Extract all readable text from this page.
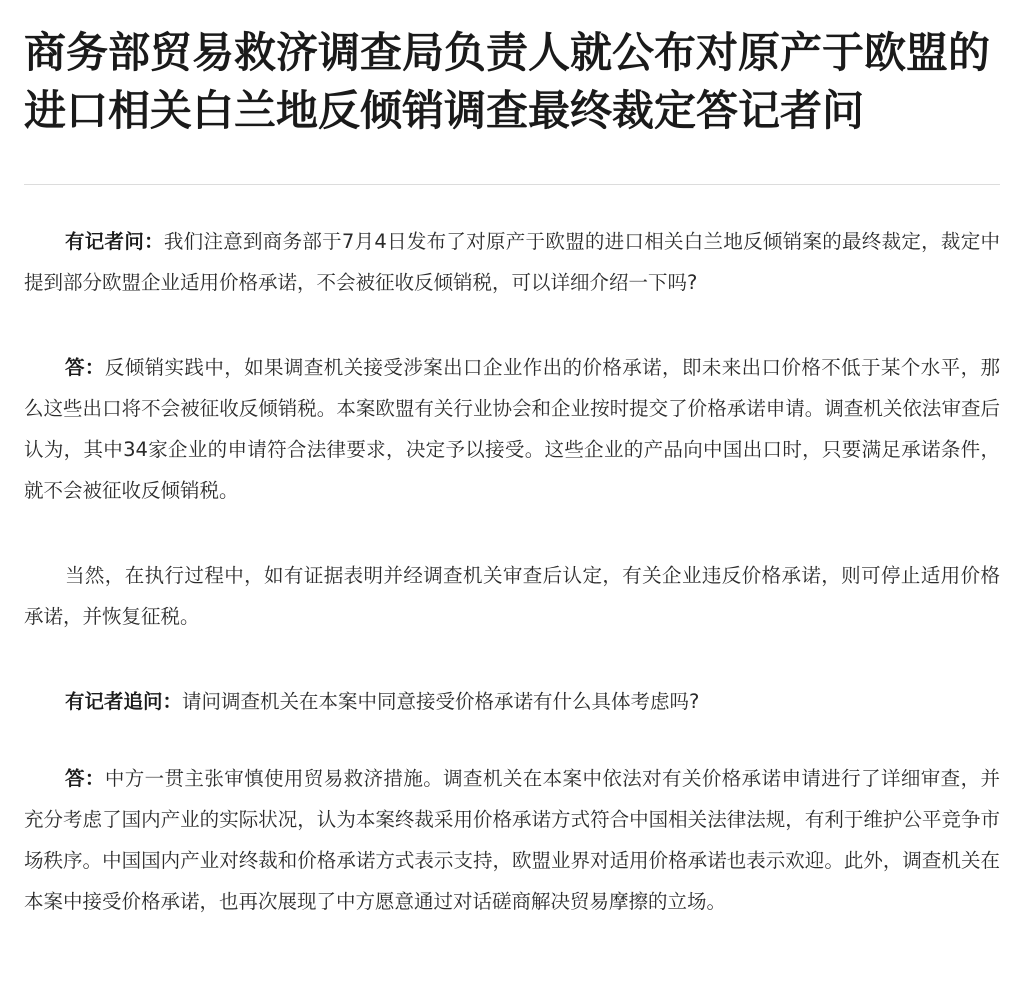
商务部贸易救济调查局负责人就公布对原产于欧盟的进口相关白兰地反倾销调查最终裁定答记者问

有记者问：我们注意到商务部于7月4日发布了对原产于欧盟的进口相关白兰地反倾销案的最终裁定，裁定中提到部分欧盟企业适用价格承诺，不会被征收反倾销税，可以详细介绍一下吗?

答：反倾销实践中，如果调查机关接受涉案出口企业作出的价格承诺，即未来出口价格不低于某个水平，那么这些出口将不会被征收反倾销税。本案欧盟有关行业协会和企业按时提交了价格承诺申请。调查机关依法审查后认为，其中34家企业的申请符合法律要求，决定予以接受。这些企业的产品向中国出口时，只要满足承诺条件，就不会被征收反倾销税。

当然，在执行过程中，如有证据表明并经调查机关审查后认定，有关企业违反价格承诺，则可停止适用价格承诺，并恢复征税。

有记者追问：请问调查机关在本案中同意接受价格承诺有什么具体考虑吗?

答：中方一贯主张审慎使用贸易救济措施。调查机关在本案中依法对有关价格承诺申请进行了详细审查，并充分考虑了国内产业的实际状况，认为本案终裁采用价格承诺方式符合中国相关法律法规，有利于维护公平竞争市场秩序。中国国内产业对终裁和价格承诺方式表示支持，欧盟业界对适用价格承诺也表示欢迎。此外，调查机关在本案中接受价格承诺，也再次展现了中方愿意通过对话磋商解决贸易摩擦的立场。
